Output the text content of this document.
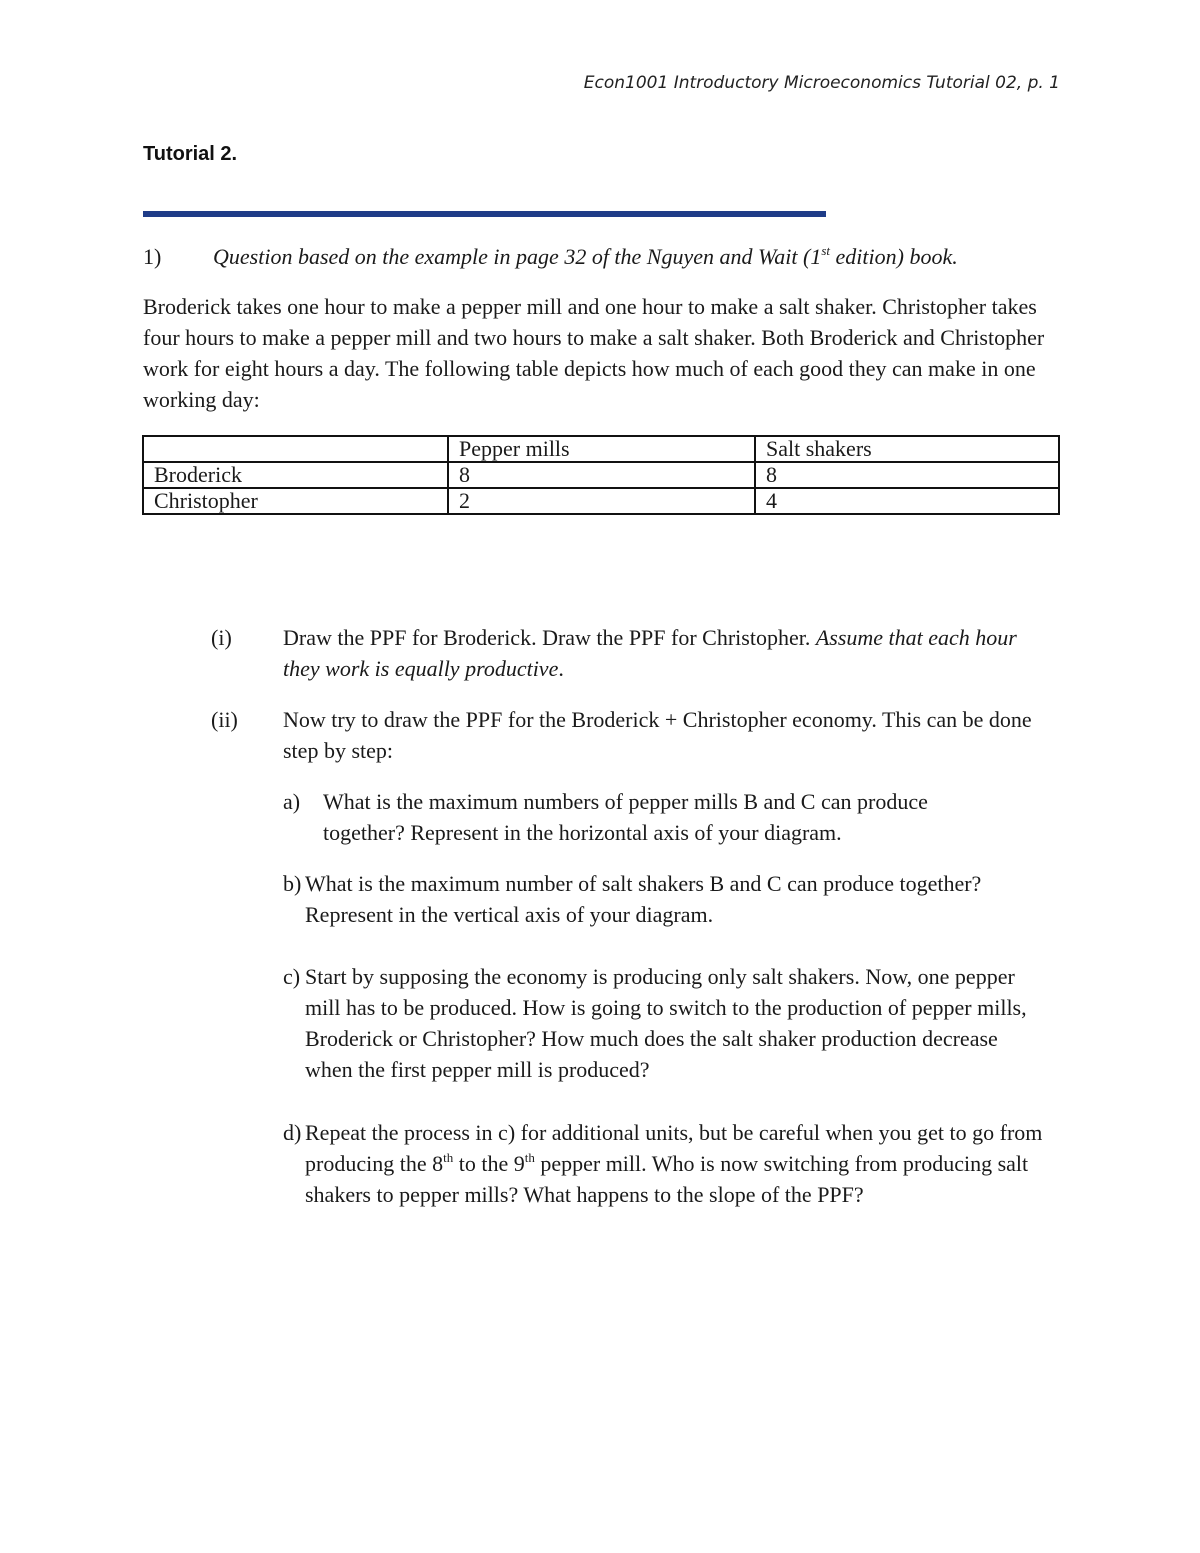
Econ1001 Introductory Microeconomics Tutorial 02, p. 1
Tutorial 2.
1) Question based on the example in page 32 of the Nguyen and Wait (1st edition) book.
Broderick takes one hour to make a pepper mill and one hour to make a salt shaker. Christopher takes four hours to make a pepper mill and two hours to make a salt shaker. Both Broderick and Christopher work for eight hours a day. The following table depicts how much of each good they can make in one working day:
	Pepper mills	Salt shakers
Broderick	8	8
Christopher	2	4
(i) Draw the PPF for Broderick. Draw the PPF for Christopher. Assume that each hour they work is equally productive.
(ii) Now try to draw the PPF for the Broderick + Christopher economy. This can be done step by step:
a) What is the maximum numbers of pepper mills B and C can produce together? Represent in the horizontal axis of your diagram.
b) What is the maximum number of salt shakers B and C can produce together? Represent in the vertical axis of your diagram.
c) Start by supposing the economy is producing only salt shakers. Now, one pepper mill has to be produced. How is going to switch to the production of pepper mills, Broderick or Christopher? How much does the salt shaker production decrease when the first pepper mill is produced?
d) Repeat the process in c) for additional units, but be careful when you get to go from producing the 8th to the 9th pepper mill. Who is now switching from producing salt shakers to pepper mills? What happens to the slope of the PPF?
